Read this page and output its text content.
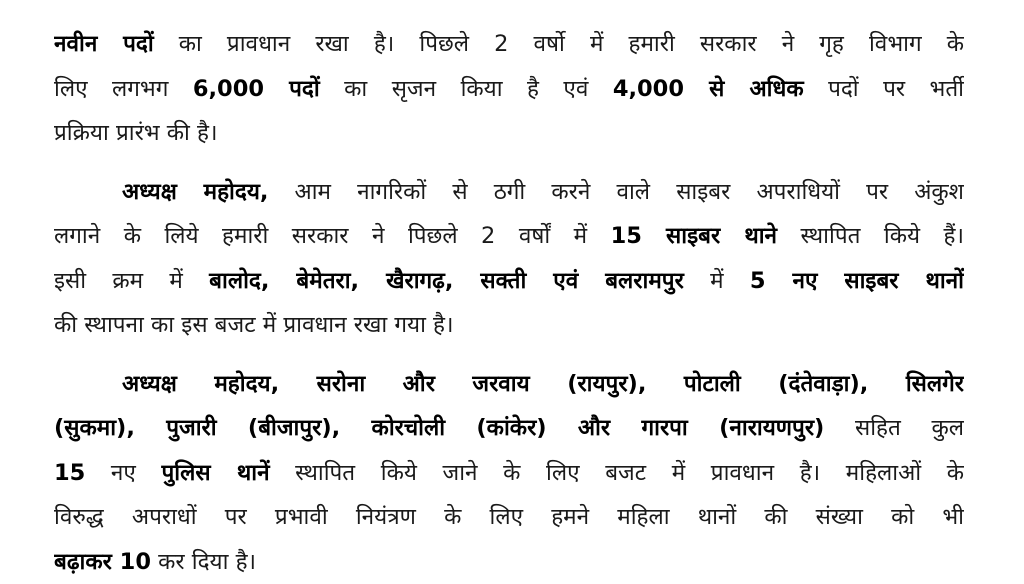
नवीन पदों का प्रावधान रखा है। पिछले 2 वर्षो में हमारी सरकार ने गृह विभाग के
लिए लगभग 6,000 पदों का सृजन किया है एवं 4,000 से अधिक पदों पर भर्ती
प्रक्रिया प्रारंभ की है।
अध्यक्ष महोदय, आम नागरिकों से ठगी करने वाले साइबर अपराधियों पर अंकुश
लगाने के लिये हमारी सरकार ने पिछले 2 वर्षों में 15 साइबर थाने स्थापित किये हैं।
इसी क्रम में बालोद, बेमेतरा, खैरागढ़, सक्ती एवं बलरामपुर में 5 नए साइबर थानों
की स्थापना का इस बजट में प्रावधान रखा गया है।
अध्यक्ष महोदय, सरोना और जरवाय (रायपुर), पोटाली (दंतेवाड़ा), सिलगेर
(सुकमा), पुजारी (बीजापुर), कोरचोली (कांकेर) और गारपा (नारायणपुर) सहित कुल
15 नए पुलिस थानें स्थापित किये जाने के लिए बजट में प्रावधान है। महिलाओं के
विरुद्ध अपराधों पर प्रभावी नियंत्रण के लिए हमने महिला थानों की संख्या को भी
बढ़ाकर 10 कर दिया है।
